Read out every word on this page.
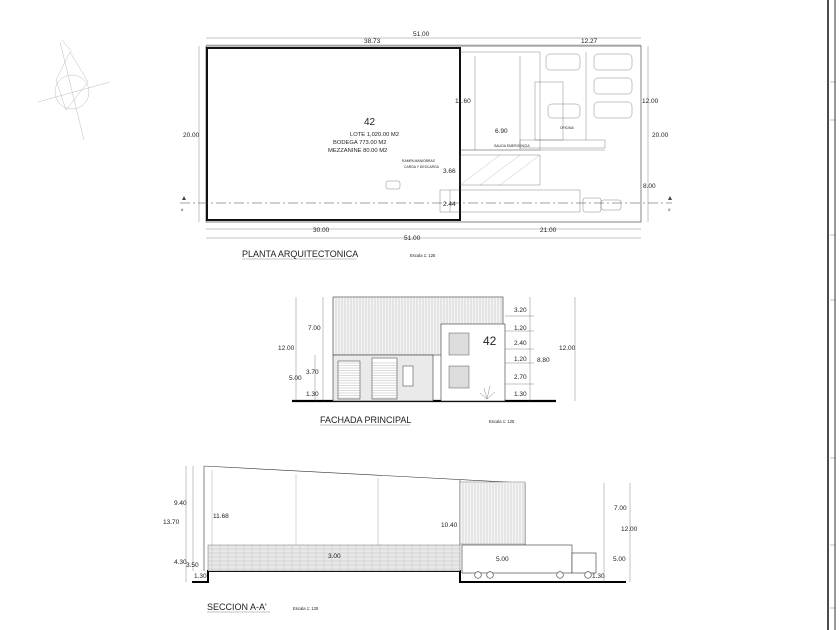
RAMPA MANIOBRAS
CARGA Y DESCARGA
SALIDA EMERGENCIA
OFICINA
A	A'
42
LOTE 1,020.00 M2
BODEGA 773.00 M2
MEZZANINE 80.00 M2
51.00
38.73	12.27
30.00	21.00
51.00
20.00	20.00
12.00
8.00
11.60
6.90
3.66
2.44
PLANTA ARQUITECTONICA	Escala 1: 125
42
7.00
12.00
3.70
5.00
1.30
3.20
1.20
2.40
1.20
2.70
1.30
8.80
12.00
FACHADA PRINCIPAL	Escala 1: 125
9.40
13.70
4.30 3.50
1.30
11.68
3.00
10.40
5.00
7.00
12.00
5.00
1.30
SECCION A-A'	Escala 1: 125
